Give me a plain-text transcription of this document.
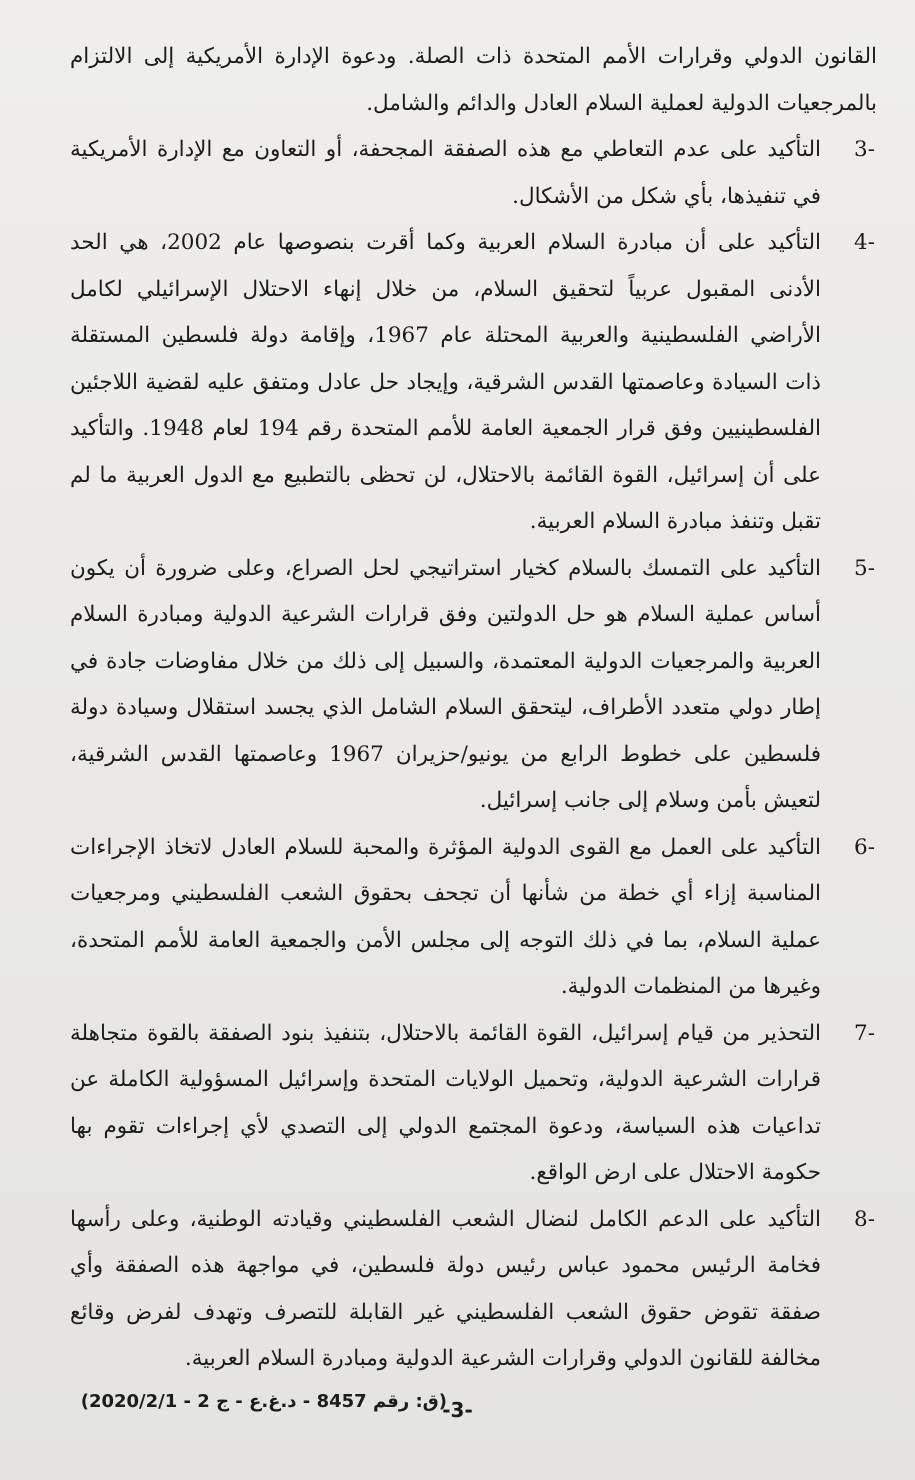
القانون الدولي وقرارات الأمم المتحدة ذات الصلة. ودعوة الإدارة الأمريكية إلى الالتزام بالمرجعيات الدولية لعملية السلام العادل والدائم والشامل.

3-

التأكيد على عدم التعاطي مع هذه الصفقة المجحفة، أو التعاون مع الإدارة الأمريكية في تنفيذها، بأي شكل من الأشكال.

4-

التأكيد على أن مبادرة السلام العربية وكما أقرت بنصوصها عام 2002، هي الحد الأدنى المقبول عربياً لتحقيق السلام، من خلال إنهاء الاحتلال الإسرائيلي لكامل الأراضي الفلسطينية والعربية المحتلة عام 1967، وإقامة دولة فلسطين المستقلة ذات السيادة وعاصمتها القدس الشرقية، وإيجاد حل عادل ومتفق عليه لقضية اللاجئين الفلسطينيين وفق قرار الجمعية العامة للأمم المتحدة رقم 194 لعام 1948. والتأكيد على أن إسرائيل، القوة القائمة بالاحتلال، لن تحظى بالتطبيع مع الدول العربية ما لم تقبل وتنفذ مبادرة السلام العربية.

5-

التأكيد على التمسك بالسلام كخيار استراتيجي لحل الصراع، وعلى ضرورة أن يكون أساس عملية السلام هو حل الدولتين وفق قرارات الشرعية الدولية ومبادرة السلام العربية والمرجعيات الدولية المعتمدة، والسبيل إلى ذلك من خلال مفاوضات جادة في إطار دولي متعدد الأطراف، ليتحقق السلام الشامل الذي يجسد استقلال وسيادة دولة فلسطين على خطوط الرابع من يونيو/حزيران 1967 وعاصمتها القدس الشرقية، لتعيش بأمن وسلام إلى جانب إسرائيل.

6-

التأكيد على العمل مع القوى الدولية المؤثرة والمحبة للسلام العادل لاتخاذ الإجراءات المناسبة إزاء أي خطة من شأنها أن تجحف بحقوق الشعب الفلسطيني ومرجعيات عملية السلام، بما في ذلك التوجه إلى مجلس الأمن والجمعية العامة للأمم المتحدة، وغيرها من المنظمات الدولية.

7-

التحذير من قيام إسرائيل، القوة القائمة بالاحتلال، بتنفيذ بنود الصفقة بالقوة متجاهلة قرارات الشرعية الدولية، وتحميل الولايات المتحدة وإسرائيل المسؤولية الكاملة عن تداعيات هذه السياسة، ودعوة المجتمع الدولي إلى التصدي لأي إجراءات تقوم بها حكومة الاحتلال على ارض الواقع.

8-

التأكيد على الدعم الكامل لنضال الشعب الفلسطيني وقيادته الوطنية، وعلى رأسها فخامة الرئيس محمود عباس رئيس دولة فلسطين، في مواجهة هذه الصفقة وأي صفقة تقوض حقوق الشعب الفلسطيني غير القابلة للتصرف وتهدف لفرض وقائع مخالفة للقانون الدولي وقرارات الشرعية الدولية ومبادرة السلام العربية.

(ق: رقم 8457 - د.غ.ع - ج 2 - 2020/2/1)
-3-
